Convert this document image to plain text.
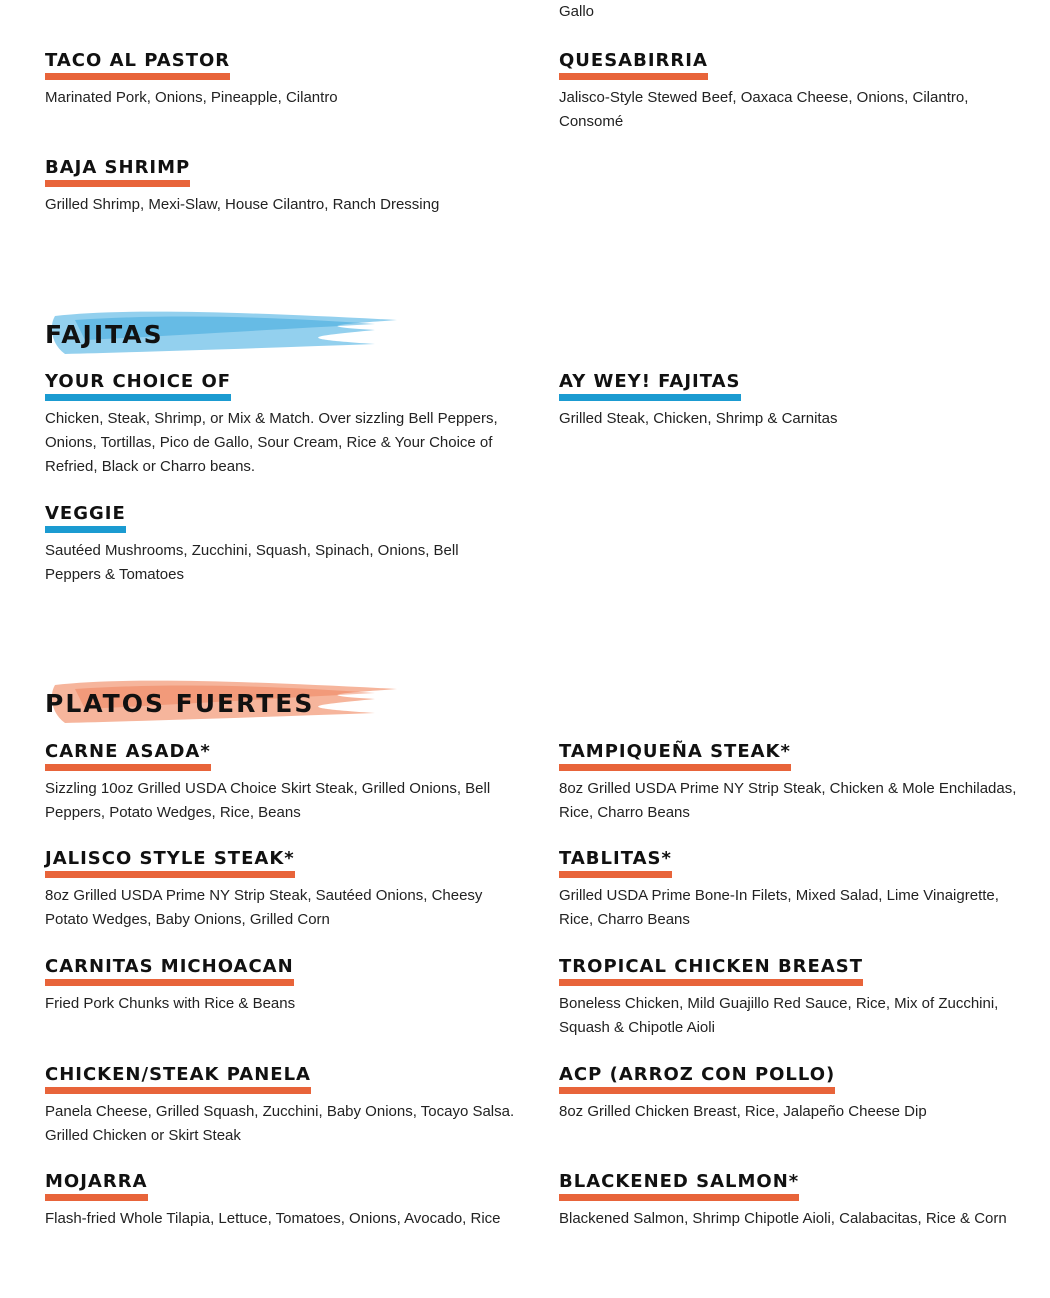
Gallo
TACO AL PASTOR

Marinated Pork, Onions, Pineapple, Cilantro

QUESABIRRIA

Jalisco-Style Stewed Beef, Oaxaca Cheese, Onions, Cilantro, Consomé

BAJA SHRIMP

Grilled Shrimp, Mexi-Slaw, House Cilantro, Ranch Dressing

FAJITAS
YOUR CHOICE OF

Chicken, Steak, Shrimp, or Mix & Match. Over sizzling Bell Peppers, Onions, Tortillas, Pico de Gallo, Sour Cream, Rice & Your Choice of Refried, Black or Charro beans.

AY WEY! FAJITAS

Grilled Steak, Chicken, Shrimp & Carnitas

VEGGIE

Sautéed Mushrooms, Zucchini, Squash, Spinach, Onions, Bell Peppers & Tomatoes

PLATOS FUERTES
CARNE ASADA*

Sizzling 10oz Grilled USDA Choice Skirt Steak, Grilled Onions, Bell Peppers, Potato Wedges, Rice, Beans

TAMPIQUEÑA STEAK*

8oz Grilled USDA Prime NY Strip Steak, Chicken & Mole Enchiladas, Rice, Charro Beans

JALISCO STYLE STEAK*

8oz Grilled USDA Prime NY Strip Steak, Sautéed Onions, Cheesy Potato Wedges, Baby Onions, Grilled Corn

TABLITAS*

Grilled USDA Prime Bone-In Filets, Mixed Salad, Lime Vinaigrette, Rice, Charro Beans

CARNITAS MICHOACAN

Fried Pork Chunks with Rice & Beans

TROPICAL CHICKEN BREAST

Boneless Chicken, Mild Guajillo Red Sauce, Rice, Mix of Zucchini, Squash & Chipotle Aioli

CHICKEN/STEAK PANELA

Panela Cheese, Grilled Squash, Zucchini, Baby Onions, Tocayo Salsa. Grilled Chicken or Skirt Steak

ACP (ARROZ CON POLLO)

8oz Grilled Chicken Breast, Rice, Jalapeño Cheese Dip

MOJARRA

Flash-fried Whole Tilapia, Lettuce, Tomatoes, Onions, Avocado, Rice

BLACKENED SALMON*

Blackened Salmon, Shrimp Chipotle Aioli, Calabacitas, Rice & Corn
